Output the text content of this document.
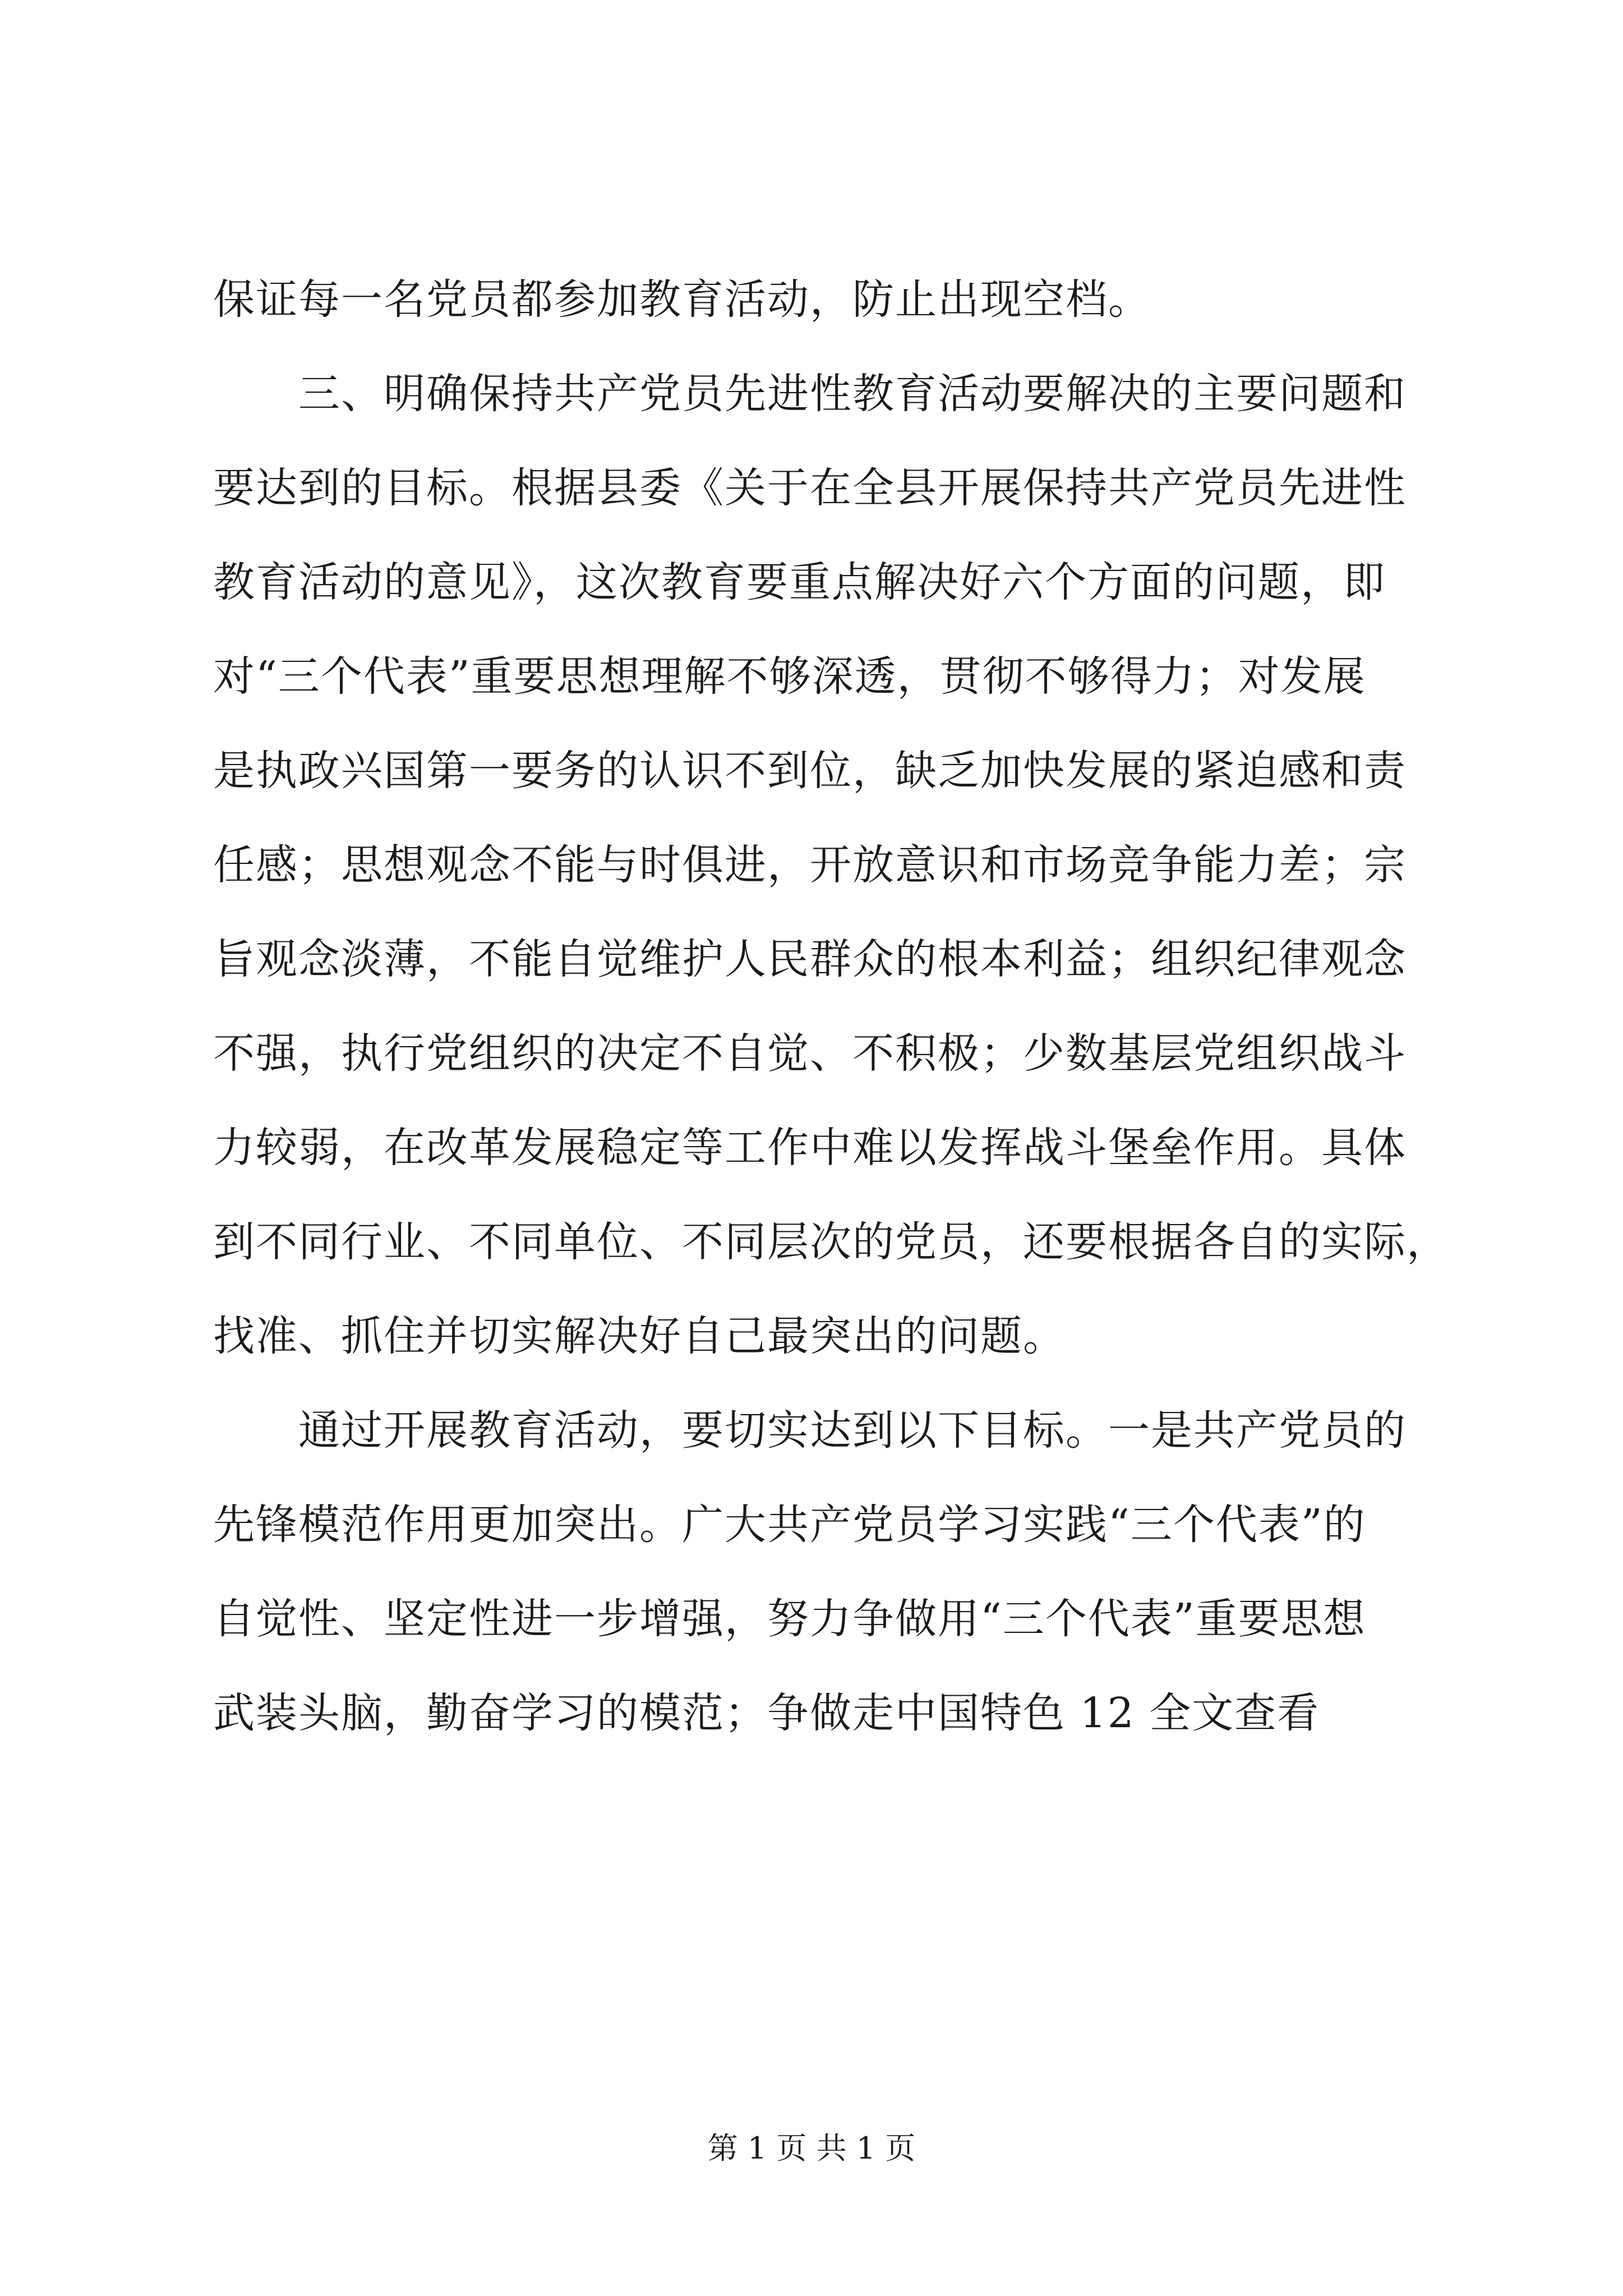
保证每一名党员都参加教育活动，防止出现空档。
　　三、明确保持共产党员先进性教育活动要解决的主要问题和
要达到的目标。根据县委《关于在全县开展保持共产党员先进性
教育活动的意见》，这次教育要重点解决好六个方面的问题，即
对“三个代表”重要思想理解不够深透，贯彻不够得力；对发展
是执政兴国第一要务的认识不到位，缺乏加快发展的紧迫感和责
任感；思想观念不能与时俱进，开放意识和市场竞争能力差；宗
旨观念淡薄，不能自觉维护人民群众的根本利益；组织纪律观念
不强，执行党组织的决定不自觉、不积极；少数基层党组织战斗
力较弱，在改革发展稳定等工作中难以发挥战斗堡垒作用。具体
到不同行业、不同单位、不同层次的党员，还要根据各自的实际，
找准、抓住并切实解决好自己最突出的问题。
　　通过开展教育活动，要切实达到以下目标。一是共产党员的
先锋模范作用更加突出。广大共产党员学习实践“三个代表”的
自觉性、坚定性进一步增强，努力争做用“三个代表”重要思想
武装头脑，勤奋学习的模范；争做走中国特色 12 全文查看
第 1 页 共 1 页
